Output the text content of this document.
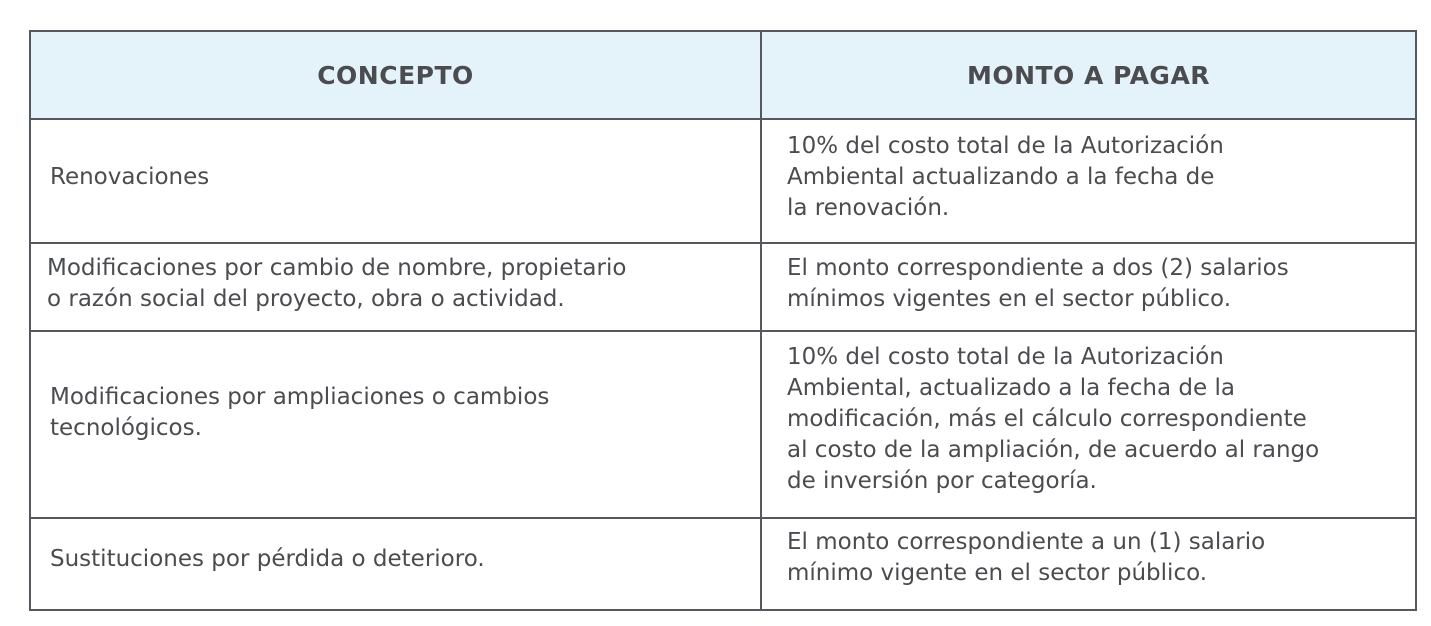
CONCEPTO	MONTO A PAGAR

Renovaciones	10% del costo total de la Autorización
Ambiental actualizando a la fecha de
la renovación.

Modificaciones por cambio de nombre, propietario
o razón social del proyecto, obra o actividad.	El monto correspondiente a dos (2) salarios
mínimos vigentes en el sector público.

Modificaciones por ampliaciones o cambios
tecnológicos.	10% del costo total de la Autorización
Ambiental, actualizado a la fecha de la
modificación, más el cálculo correspondiente
al costo de la ampliación, de acuerdo al rango
de inversión por categoría.

Sustituciones por pérdida o deterioro.	El monto correspondiente a un (1) salario
mínimo vigente en el sector público.
